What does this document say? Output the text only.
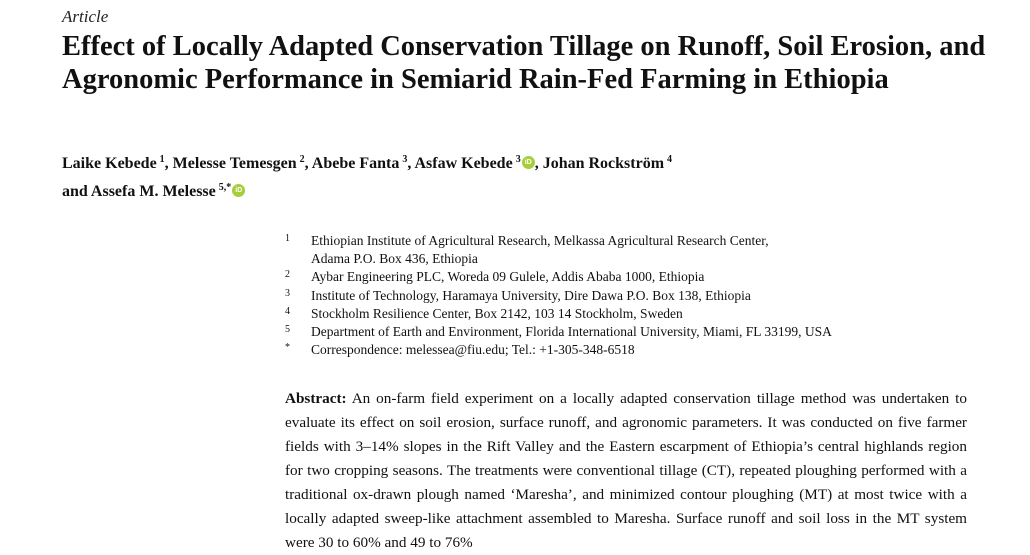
Article
Effect of Locally Adapted Conservation Tillage on Runoff, Soil Erosion, and Agronomic Performance in Semiarid Rain-Fed Farming in Ethiopia
Laike Kebede $^1$, Melesse Temesgen $^2$, Abebe Fanta $^3$, Asfaw Kebede $^3$ iD , Johan Rockström $^4$
and Assefa M. Melesse $^{5,*}$ iD
1	Ethiopian Institute of Agricultural Research, Melkassa Agricultural Research Center,
Adama P.O. Box 436, Ethiopia
2	Aybar Engineering PLC, Woreda 09 Gulele, Addis Ababa 1000, Ethiopia
3	Institute of Technology, Haramaya University, Dire Dawa P.O. Box 138, Ethiopia
4	Stockholm Resilience Center, Box 2142, 103 14 Stockholm, Sweden
5	Department of Earth and Environment, Florida International University, Miami, FL 33199, USA
*	Correspondence: melessea@fiu.edu; Tel.: +1-305-348-6518

Abstract: An on-farm field experiment on a locally adapted conservation tillage method was undertaken to evaluate its effect on soil erosion, surface runoff, and agronomic parameters. It was conducted on five farmer fields with 3–14% slopes in the Rift Valley and the Eastern escarpment of Ethiopia’s central highlands region for two cropping seasons. The treatments were conventional tillage (CT), repeated ploughing performed with a traditional ox-drawn plough named ‘Maresha’, and minimized contour ploughing (MT) at most twice with a locally adapted sweep-like attachment assembled to Maresha. Surface runoff and soil loss in the MT system were 30 to 60% and 49 to 76%
